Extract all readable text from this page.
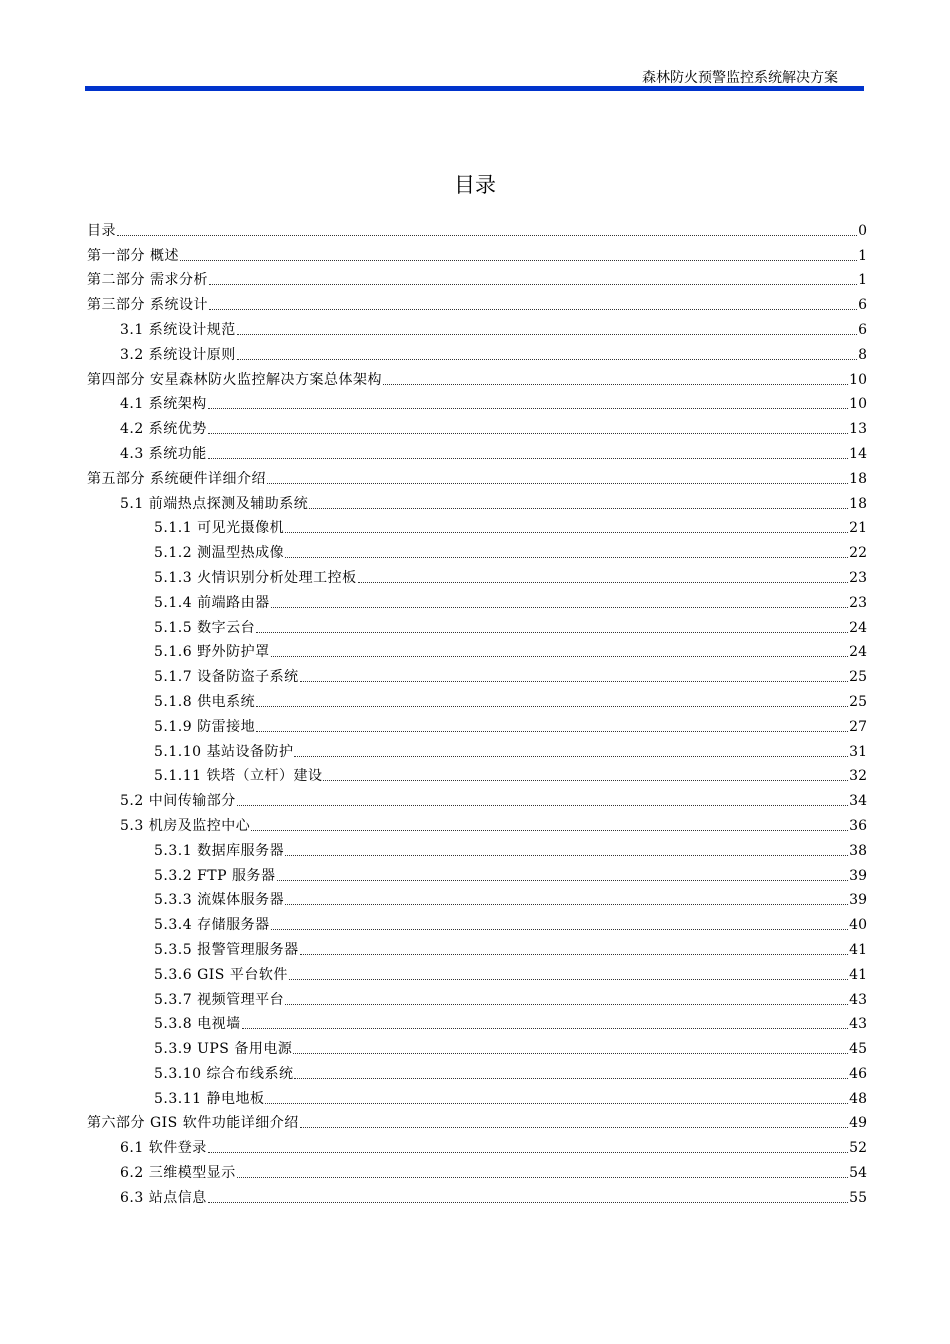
森林防火预警监控系统解决方案
目录
目录	0
第一部分 概述	1
第二部分 需求分析	1
第三部分 系统设计	6
3.1 系统设计规范	6
3.2 系统设计原则	8
第四部分 安星森林防火监控解决方案总体架构	10
4.1 系统架构	10
4.2 系统优势	13
4.3 系统功能	14
第五部分 系统硬件详细介绍	18
5.1 前端热点探测及辅助系统	18
5.1.1 可见光摄像机	21
5.1.2 测温型热成像	22
5.1.3 火情识别分析处理工控板	23
5.1.4 前端路由器	23
5.1.5 数字云台	24
5.1.6 野外防护罩	24
5.1.7 设备防盗子系统	25
5.1.8 供电系统	25
5.1.9 防雷接地	27
5.1.10 基站设备防护	31
5.1.11 铁塔（立杆）建设	32
5.2 中间传输部分	34
5.3 机房及监控中心	36
5.3.1 数据库服务器	38
5.3.2 FTP 服务器	39
5.3.3 流媒体服务器	39
5.3.4 存储服务器	40
5.3.5 报警管理服务器	41
5.3.6 GIS 平台软件	41
5.3.7 视频管理平台	43
5.3.8 电视墙	43
5.3.9 UPS 备用电源	45
5.3.10 综合布线系统	46
5.3.11 静电地板	48
第六部分 GIS 软件功能详细介绍	49
6.1 软件登录	52
6.2 三维模型显示	54
6.3 站点信息	55
